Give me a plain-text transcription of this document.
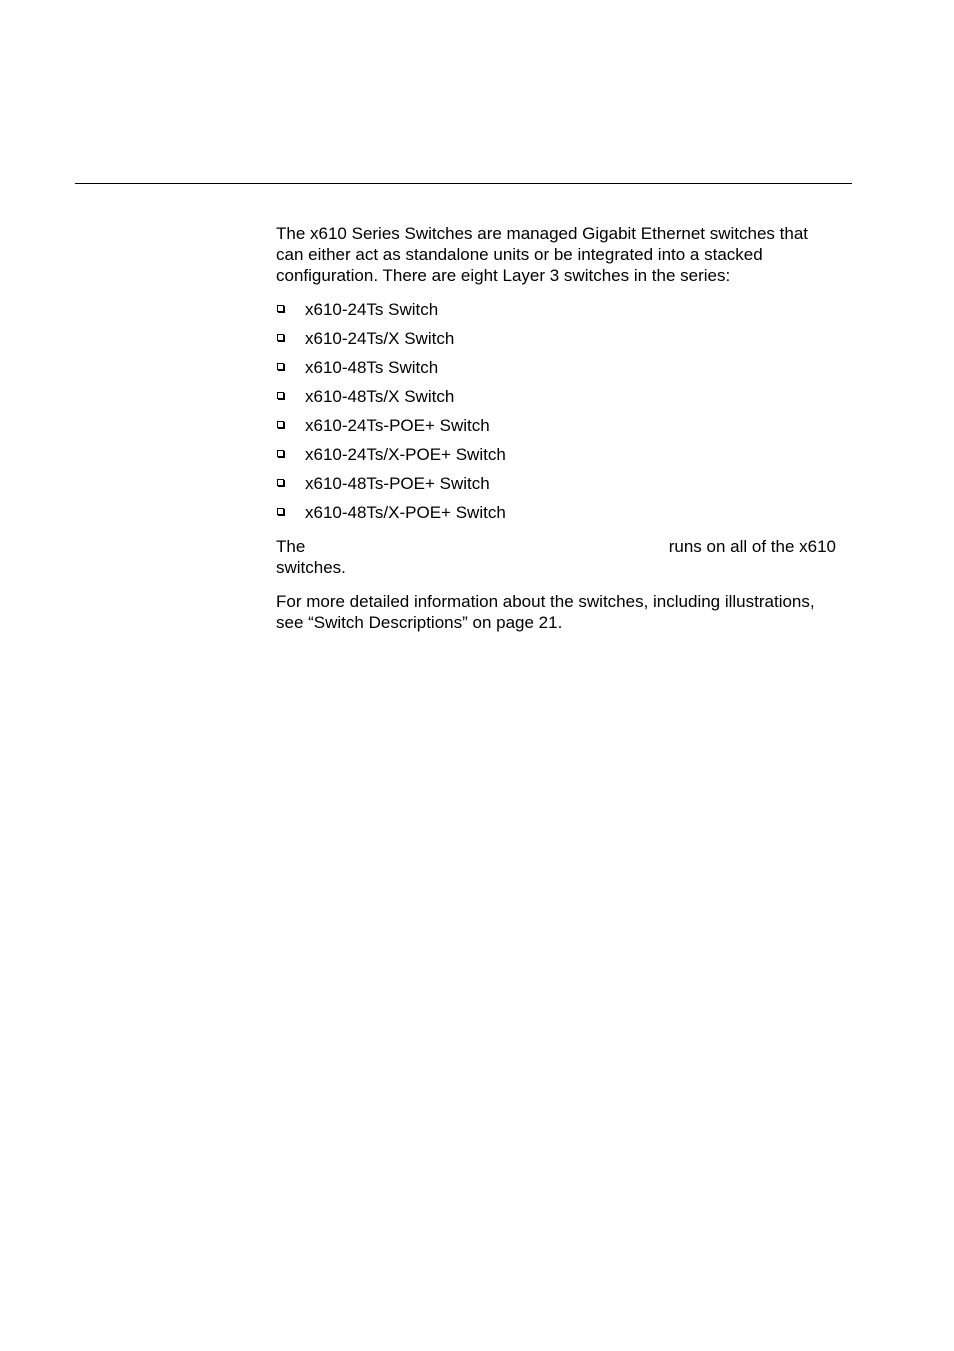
The x610 Series Switches are managed Gigabit Ethernet switches that can either act as standalone units or be integrated into a stacked configuration. There are eight Layer 3 switches in the series:

x610-24Ts Switch
x610-24Ts/X Switch
x610-48Ts Switch
x610-48Ts/X Switch
x610-24Ts-POE+ Switch
x610-24Ts/X-POE+ Switch
x610-48Ts-POE+ Switch
x610-48Ts/X-POE+ Switch
The	runs on all of the x610
switches.

For more detailed information about the switches, including illustrations, see “Switch Descriptions” on page 21.
